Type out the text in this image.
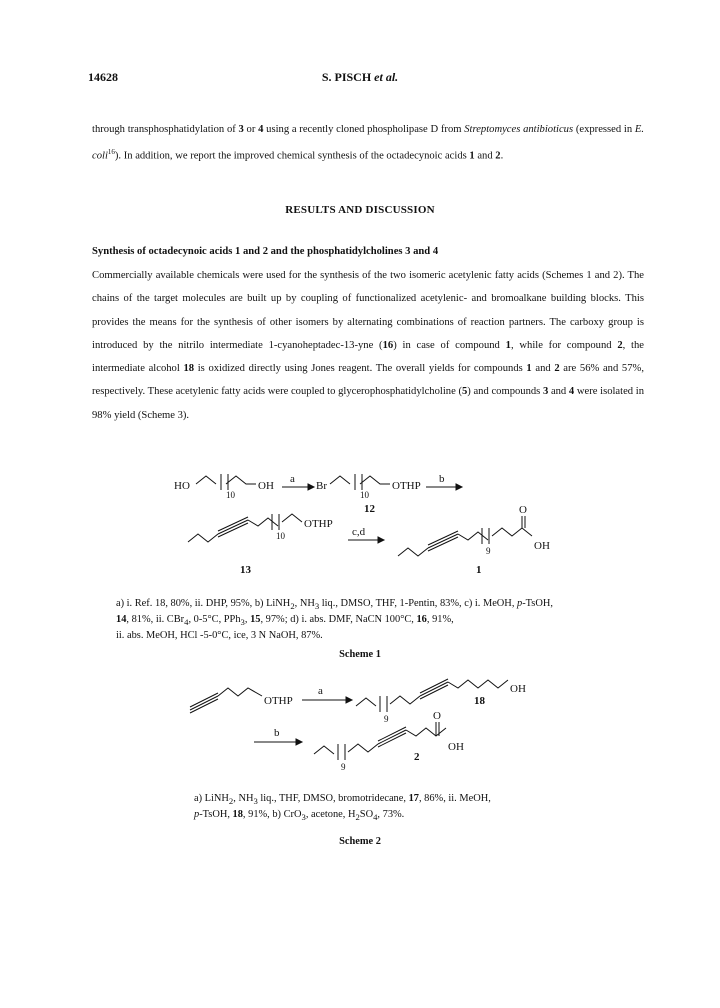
14628	S. PISCH et al.
through transphosphatidylation of 3 or 4 using a recently cloned phospholipase D from Streptomyces antibioticus (expressed in E. coli$^{16}$). In addition, we report the improved chemical synthesis of the octadecynoic acids 1 and 2.
RESULTS AND DISCUSSION
Synthesis of octadecynoic acids 1 and 2 and the phosphatidylcholines 3 and 4
Commercially available chemicals were used for the synthesis of the two isomeric acetylenic fatty acids (Schemes 1 and 2). The chains of the target molecules are built up by coupling of functionalized acetylenic- and bromoalkane building blocks. This provides the means for the synthesis of other isomers by alternating combinations of reaction partners. The carboxy group is introduced by the nitrilo intermediate 1-cyanoheptadec-13-yne (16) in case of compound 1, while for compound 2, the intermediate alcohol 18 is oxidized directly using Jones reagent. The overall yields for compounds 1 and 2 are 56% and 57%, respectively. These acetylenic fatty acids were coupled to glycerophosphatidylcholine (5) and compounds 3 and 4 were isolated in 98% yield (Scheme 3).
HO
10
OH
a
Br
10
OTHP
b
12
OTHP
10	c,d
O
OH
9
13	1
a) i. Ref. 18, 80%, ii. DHP, 95%, b) LiNH$_2$, $NH_3$ liq., DMSO, THF, 1-Pentin, 83%, c) i. MeOH, p-TsOH,
14, 81%, ii. CBr$_4$, 0-5°C, PPh$_3$, 15, 97%; d) i. abs. DMF, NaCN 100°C, 16, 91%,
ii. abs. MeOH, HCl -5-0°C, ice, 3 N NaOH, 87%.
Scheme 1
OTHP
a	OH
9
18
b
O
OH
9
2
a) LiNH$_2$, $NH_3$ liq., THF, DMSO, bromotridecane, 17, 86%, ii. MeOH,
p-TsOH, 18, 91%, b) CrO$_3$, acetone, $H_2SO_4$, 73%.
Scheme 2
